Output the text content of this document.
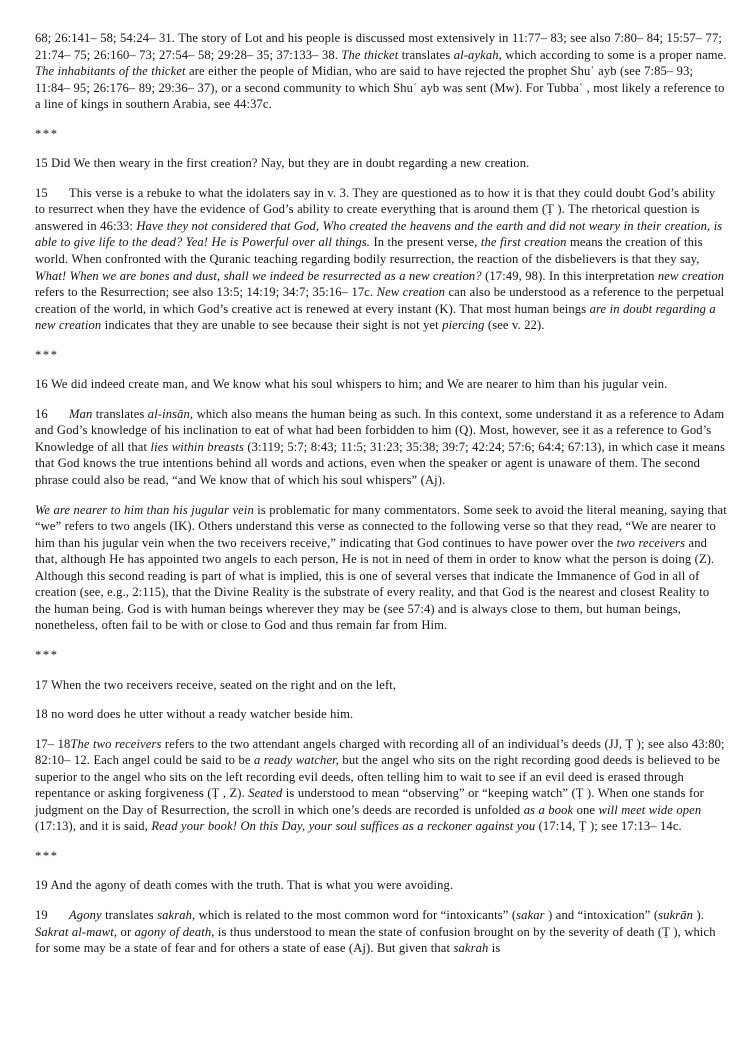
68; 26:141– 58; 54:24– 31. The story of Lot and his people is discussed most extensively in 11:77– 83; see also 7:80– 84; 15:57– 77; 21:74– 75; 26:160– 73; 27:54– 58; 29:28– 35; 37:133– 38. The thicket translates al-aykah, which according to some is a proper name. The inhabitants of the thicket are either the people of Midian, who are said to have rejected the prophet Shuʿ ayb (see 7:85– 93; 11:84– 95; 26:176– 89; 29:36– 37), or a second community to which Shuʿ ayb was sent (Mw). For Tubbaʿ , most likely a reference to a line of kings in southern Arabia, see 44:37c.

***

15 Did We then weary in the first creation? Nay, but they are in doubt regarding a new creation.

15 This verse is a rebuke to what the idolaters say in v. 3. They are questioned as to how it is that they could doubt God’s ability to resurrect when they have the evidence of God’s ability to create everything that is around them (Ṭ ). The rhetorical question is answered in 46:33: Have they not considered that God, Who created the heavens and the earth and did not weary in their creation, is able to give life to the dead? Yea! He is Powerful over all things. In the present verse, the first creation means the creation of this world. When confronted with the Quranic teaching regarding bodily resurrection, the reaction of the disbelievers is that they say, What! When we are bones and dust, shall we indeed be resurrected as a new creation? (17:49, 98). In this interpretation new creation refers to the Resurrection; see also 13:5; 14:19; 34:7; 35:16– 17c. New creation can also be understood as a reference to the perpetual creation of the world, in which God’s creative act is renewed at every instant (K). That most human beings are in doubt regarding a new creation indicates that they are unable to see because their sight is not yet piercing (see v. 22).

***

16 We did indeed create man, and We know what his soul whispers to him; and We are nearer to him than his jugular vein.

16 Man translates al-insān, which also means the human being as such. In this context, some understand it as a reference to Adam and God’s knowledge of his inclination to eat of what had been forbidden to him (Q). Most, however, see it as a reference to God’s Knowledge of all that lies within breasts (3:119; 5:7; 8:43; 11:5; 31:23; 35:38; 39:7; 42:24; 57:6; 64:4; 67:13), in which case it means that God knows the true intentions behind all words and actions, even when the speaker or agent is unaware of them. The second phrase could also be read, “and We know that of which his soul whispers” (Aj).

We are nearer to him than his jugular vein is problematic for many commentators. Some seek to avoid the literal meaning, saying that “we” refers to two angels (IK). Others understand this verse as connected to the following verse so that they read, “We are nearer to him than his jugular vein when the two receivers receive,” indicating that God continues to have power over the two receivers and that, although He has appointed two angels to each person, He is not in need of them in order to know what the person is doing (Z). Although this second reading is part of what is implied, this is one of several verses that indicate the Immanence of God in all of creation (see, e.g., 2:115), that the Divine Reality is the substrate of every reality, and that God is the nearest and closest Reality to the human being. God is with human beings wherever they may be (see 57:4) and is always close to them, but human beings, nonetheless, often fail to be with or close to God and thus remain far from Him.

***

17 When the two receivers receive, seated on the right and on the left,

18 no word does he utter without a ready watcher beside him.

17– 18The two receivers refers to the two attendant angels charged with recording all of an individual’s deeds (JJ, Ṭ ); see also 43:80; 82:10– 12. Each angel could be said to be a ready watcher, but the angel who sits on the right recording good deeds is believed to be superior to the angel who sits on the left recording evil deeds, often telling him to wait to see if an evil deed is erased through repentance or asking forgiveness (Ṭ , Z). Seated is understood to mean “observing” or “keeping watch” (Ṭ ). When one stands for judgment on the Day of Resurrection, the scroll in which one’s deeds are recorded is unfolded as a book one will meet wide open (17:13), and it is said, Read your book! On this Day, your soul suffices as a reckoner against you (17:14, Ṭ ); see 17:13– 14c.

***

19 And the agony of death comes with the truth. That is what you were avoiding.

19 Agony translates sakrah, which is related to the most common word for “intoxicants” (sakar ) and “intoxication” (sukrān ). Sakrat al-mawt, or agony of death, is thus understood to mean the state of confusion brought on by the severity of death (Ṭ ), which for some may be a state of fear and for others a state of ease (Aj). But given that sakrah is
